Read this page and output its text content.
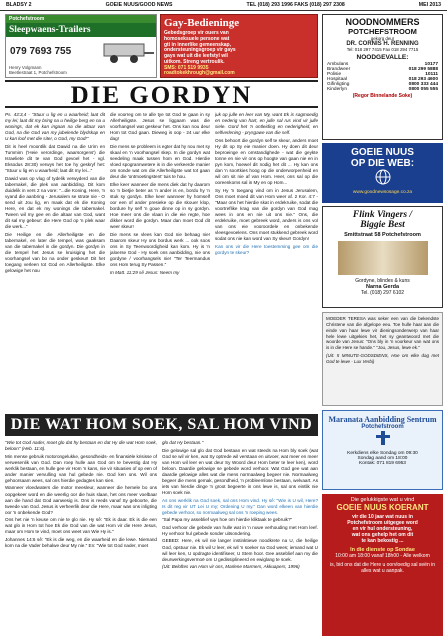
BLADSY 2	GOEIE NUUS/GOOD NEWS	TEL (018) 293 1996 FAKS (018) 297 2308	MEI 2013
Potchefstroom
Sleepwaens-Trailers
079 7693 755
Henry Volgmann
Beetlestraat 1, Potchefstroom
Gay-Bedieninge

Gebedsgroep vir ouers van

homoseksuele persone wat

gti in innerlike gemeenskap,

ondersteuningsgroep vir gays

gays wat uit die leefstyl wil

uitkom. Streng vertroulik.

SMS: 071 519 9935

roadtokekhrough@gmail.com

NOODNOMMERS
POTCHEFSTROOM
gekorg deur
DR. CORNIS H. RENNING
Tel: 018 297 7415 Fax 018 294 7715
NOODGEVALLE:
Ambulans	10177
Brandweer	018 299 5888
Polisie	10111
Hospitaal	018 293 4600
Gifinligting	0800 333 444
Kinderlyn	0800 055 555
(Regor Binnelande Soke)
GOEIE NUUS
OP DIE WEB:
www.goodnewsosage.co.za
Flink Vingers /
Biggie Best
Smittstraat 58 Potchefstroom
Gordyne, blindes & kuns
Narna Gerda
Tel. (018) 297 6102

MOEDER TERESA was seker een van die bekendste Christene van die afgelope eeu. Toe hulle haar aan die einde van haar lewe vir dieningsonderwerp van haar hele lewe uitgekies het, het sy geantwoord met die woorde van Jesus: "Ons bly in 'n voorkeur van wat ons is in die Here se hande." "Jou, Jesus, lewe ek."

(Uit: 5 MINUTE-GODSDIENS, Hoe om elke dag met God te lewe - Lux Verbi)

DIE GORDYN

Ps. 43:3,4 - "Stuur u lig en u waarheid; laat dit my lei; laat dit my bring na u heilige berg en na u wonings, dat ek kan ingaan na die altaar van God, na die God van my jubelende blydskap en U kan loof met die siter, o God, my God!"

Dit is heel moontlik dat Dawid na die Urim en Tummim ('Heie verordinge, waarsorgens') die Israeliete dit te van God gevoel het - vgl. Eksodus 28:30) verwys het toe hy geskryf het: "Stuur u lig en u waarheid; laat dit my lei..."

Dawid was op vlug of tydelik verwyderd van die tabernakel, die plek van aanbidding. Dit kom duidelik in vers 2 na vore: "...die Koning, Here, 'n vyand die aanbring - Jerusalem se strate nie - O send uit Jou lig, en maak dat ek die Koning Here, en dat ek my wonings die tabernakel. Tween wil my gee en die altaar van God, want dit sal my gebeur: die Here God op 'n plek waar die werk..."

Die Heilige en die Allerheiligste en die tabernakel, en later die tempel, was gaaksam van die tabernakel in die gordyn. Die gordyn in die tempel het Jesus se kruisiging het die voorhangsel van bo na onder geskeur! Dit het toegang verleen tot God en Allerheiligste. Elke gelowige het nou

die voorreg om te alle tye tot God te gaan in sy Allerheiligste. Jesus se liggaam was die voorhangsel wat geskeur het. Ons kan nou deur Hom tot God gaan. Dieweg is oop - 24 uur elke dag!

Die mens se probleem is egter dat hy nou met sy skaal en 'n voorhangsel skep. In die gordyn wat seedeling maak tussen hom en God. Hierdie vloed spogrannwetere is in die verkeerde manier om sonde wat om die Allerheiligste wat tot gaan deur die 'ontmoetingstent' tuis te hou.

Elke keer wanneer die mens diek dat hy daarom so 'n bietjie beter as 'n ander is en, bordu hy 'n stuk sy gordyn. Elke keer wanneer hy homself oor een of ander presieke op die skouer klop, bordure hy self 'n goue dinne op in sy gordyn. Hoe meer ons die vlaan in die eie regte, hoe dikker word die gordyn. Maar dan moet God dit weer skeur!

Die mens se vlees kan God nie behaag nie! Daarom skeur Hy ons bordus werk ... ook soos ons in Sy Teenwoordigheid kan kom. Hy is 'n jaloerse God - Hy soek ons aanbidding, nie ons gordyne / voorhangsels nie! "Ter Teermandus ons Hom terug Sy Passen."

In Matt. 11:29 sê Jesus: Neem my

juk op julle en leer van My, want Ek is sagmoedig en nederig van hart, en julle sal rus vind vir julle siele. Gord het 'n ontleiding en nederigheid, en selfverlening - prysgawe van die self.

Ons behoort die gordyn self te skeur, anders moet Hy dit op Sy eie manier doen. Hy doen dit deur beproeinge en omstandighede - wat die geykte tonne en nie vir ons op hoogte van gaan nie en in pyn kom, hoewel dit nodig het dit ... Hy kan ons dan 'n soortkies hoog op die onderworpenheid en wil om sit nie af van Hom. Heer, ons sal op die ooreenkoms sal in My en op Hom...

Sy Hy 'n toegang vind om in Jesus Jerusalem, Ons moet moed dit van Hom weer af. 2 Kor. 4:7 - "Maar ons het hierdie skat in erdekruike, sodat die voortreflike krag van die gordyn van God mag wees in ons en nie uit ons nie." Ons, die erdekruike, moet gebreek word, anders is ons vol van ons eie vooroordele en onbekende vleesgevoelens. Ons moet stukkend gebreek word sodat ons nie kan word van Sy skeur! Gordyn!

Kan ons vir die Here toestemming gee om die gordyn te skeur?

DIE WAT HOM SOEK, SAL HOM VIND

"Wie tot God nader, moet glo dat hy bestaan en dat Hy die wat Hom soek, beloon" (Heb. 11:6).

Min mense gebruik motorongelukke, gesondheids- en finansiële krisisse of verwesenlik van God. Dan roep hulle aan God om te bevestig dat Hy werklik bestaan, en hulle gee vir Hom 'n kans, nie vir situasies of op een of ander manier vervulling van hul gebede nie. God ken ons. Wil ons gehoorsaam wees, sal ons hierdie gedagtes kan sien.

Wanneer vloedwaters die motor meesleur, wanneer die hemele bo ons oopgekeer word en die weerlig oor die huis slaan, het ons meer voelbaar aan die hand dat God aanwesig is. Ons is reeds vanaf Sy geboorte, die tweede van God. Jesus is verheerlik deur die Here, maar was ons inligting oor 'n onbekende God?

Ons het nie 'n keuse om nie te glo nie. Hy sê: "Ek is daar. Ek is die een wat glo in Hom tot hoe Ek die God van die wat Hom vir die Here Jesus, maar om Hom te vind, moet ons weet van Wie Hy is."

Johannes 14:6 sê: "Ek is die weg, en die waarheid en die lewe. Niemand kom na die Vader behalwe deur My nie." En: "Wie tot God nader, moet

glo dat Hy bestaan."

Die gelowige sal glo dat God bestaan en wat steeds na Hom bly soek (wat God se wil vir ken, wat Sy optrede wil verstaan en uitvoer, wat meer en meer van Hom wil leer en wat deur Sy Woord deur Hom beter te leer ken), word beloon. Daardie gelowige se gebede word verhoor. Wat God gee wat aan daardie gelowige alles wat die mens normaalweg begeer nie. Normaalweg begeer die mens gemak, gesondheid, 'n probleemlose bestaan, welvaart. As iets van hierdie dinge 'n groot begeerte in ons lewe is, sal ons eintlik nie Hom soek nie.

As ons werklik na God soek, sal ons Hom vind. Hy sê: "Wie is U wil, Here? Is dit reg vir UT Lei U my; Ordening U my." Dan word elkeen van hierdie gebede verhoor, so normaalweg sal ons 'n roeping wees.

"Sal Papa my asseblief wys hoe om hierdie kliktaak te gebruik?"

God verhoor die gebede van hulle wat in 'n nuwe verhouding met Hom leef. Hy verhoor hul gebede sonder uitsondering.

GEBED: Here, ek wil nie langer instinktiewe noodkrete na U, die heilige God, opstuur nie. Ek wil U leer, ek wil 'n soeker na God wees; iemand wat U wil leer ken, U opdragte identifiseer, U Stem hoor. Gee asseblief aan my die deurwerkingsvermoë om U gedissiplineerd en ewiglang te soek.

(Uit: Beloftes van Hom vir ons, Marlene Marmers, Akkuapers, 1996)

Maranata Aanbidding Sentrum
Potchefstroom

Kerkdiens elke Sondag om 09:30

Sondag aand om 18:00

Kontak: 071 819 6953

Die gelukkigste wat u vind
GOEIE NUUS KOERANT

vir die 10 jaar wat nuus in

Potchefstroom uitgegee word

en vir hul ondersteuning,

wat ons gehelp het om dit

te kan bekostig ...

In die dienste op Sondae
10:00 am 18:00 vanaf 18h00 - Alle welkom
is, bid ons dat die Here u oorvloedig sal seën in alles wat u aanpak.
